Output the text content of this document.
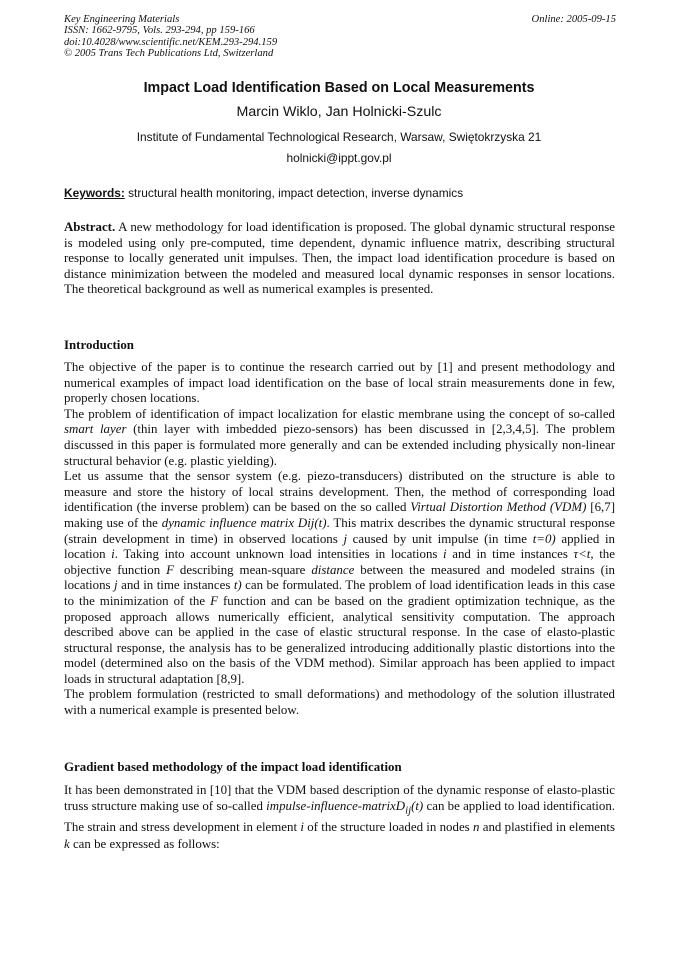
Key Engineering Materials
ISSN: 1662-9795, Vols. 293-294, pp 159-166
doi:10.4028/www.scientific.net/KEM.293-294.159
© 2005 Trans Tech Publications Ltd, Switzerland
Online: 2005-09-15
Impact Load Identification Based on Local Measurements
Marcin Wiklo, Jan Holnicki-Szulc
Institute of Fundamental Technological Research, Warsaw, Swiętokrzyska 21
holnicki@ippt.gov.pl
Keywords: structural health monitoring, impact detection, inverse dynamics

Abstract. A new methodology for load identification is proposed. The global dynamic structural response is modeled using only pre-computed, time dependent, dynamic influence matrix, describing structural response to locally generated unit impulses. Then, the impact load identification procedure is based on distance minimization between the modeled and measured local dynamic responses in sensor locations. The theoretical background as well as numerical examples is presented.

Introduction

The objective of the paper is to continue the research carried out by [1] and present methodology and numerical examples of impact load identification on the base of local strain measurements done in few, properly chosen locations.

The problem of identification of impact localization for elastic membrane using the concept of so-called smart layer (thin layer with imbedded piezo-sensors) has been discussed in [2,3,4,5]. The problem discussed in this paper is formulated more generally and can be extended including physically non-linear structural behavior (e.g. plastic yielding).

Let us assume that the sensor system (e.g. piezo-transducers) distributed on the structure is able to measure and store the history of local strains development. Then, the method of corresponding load identification (the inverse problem) can be based on the so called Virtual Distortion Method (VDM) [6,7] making use of the dynamic influence matrix Dij(t). This matrix describes the dynamic structural response (strain development in time) in observed locations j caused by unit impulse (in time t=0) applied in location i. Taking into account unknown load intensities in locations i and in time instances τ<t, the objective function F describing mean-square distance between the measured and modeled strains (in locations j and in time instances t) can be formulated. The problem of load identification leads in this case to the minimization of the F function and can be based on the gradient optimization technique, as the proposed approach allows numerically efficient, analytical sensitivity computation. The approach described above can be applied in the case of elastic structural response. In the case of elasto-plastic structural response, the analysis has to be generalized introducing additionally plastic distortions into the model (determined also on the basis of the VDM method). Similar approach has been applied to impact loads in structural adaptation [8,9].

The problem formulation (restricted to small deformations) and methodology of the solution illustrated with a numerical example is presented below.

Gradient based methodology of the impact load identification

It has been demonstrated in [10] that the VDM based description of the dynamic response of elasto-plastic truss structure making use of so-called impulse-influence-matrixD$_{ij}$(t) can be applied to load identification. The strain and stress development in element i of the structure loaded in nodes n and plastified in elements k can be expressed as follows:
